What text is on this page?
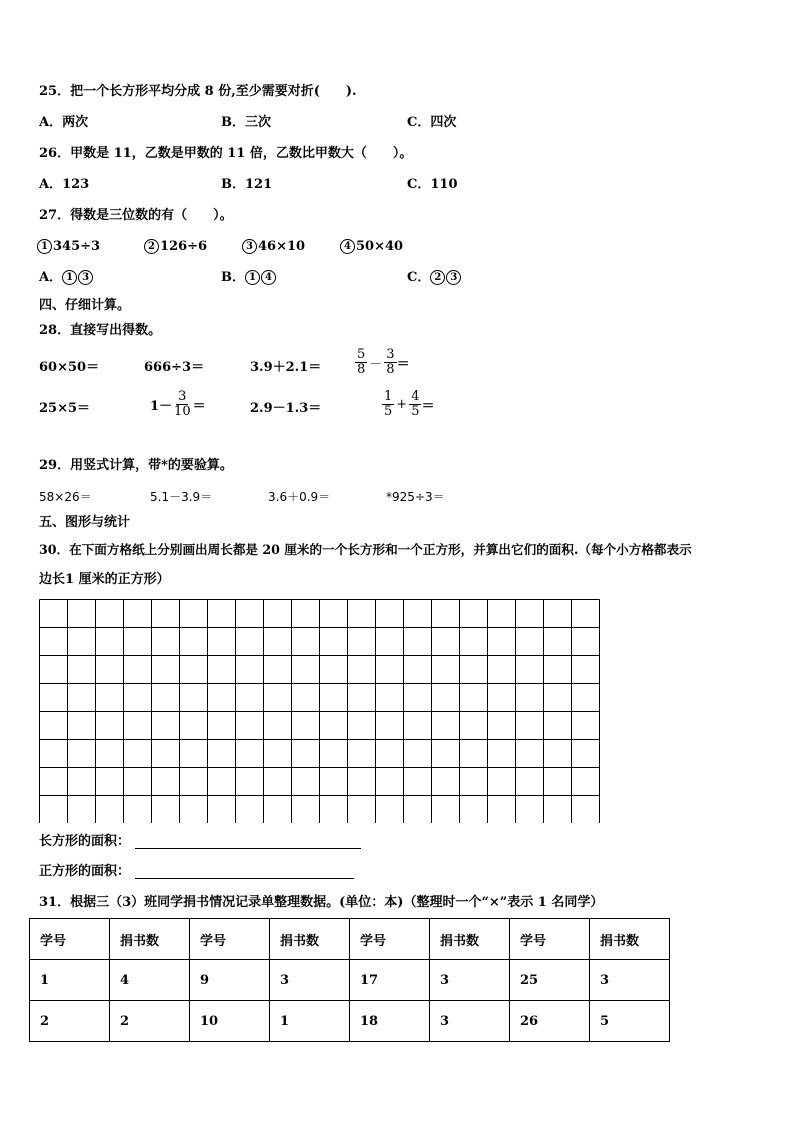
25．把一个长方形平均分成 8 份,至少需要对折(　　).
A．两次	B．三次	C．四次
26．甲数是 11，乙数是甲数的 11 倍，乙数比甲数大（　　）。
A．123	B．121	C．110
27．得数是三位数的有（　　）。
1 345÷3	2 126÷6	3 46×10	4 50×40
A． 1 3	B． 1 4	C． 2 3
四、仔细计算。
28．直接写出得数。
60×50＝	666÷3＝	3.9＋2.1＝	$\frac{5}{8} - \frac{3}{8}$ ＝
25×5＝	$1- \frac{3}{10}$ ＝	2.9－1.3＝	$\frac{1}{5} + \frac{4}{5}$ ＝
29．用竖式计算，带*的要验算。
58×26＝	5.1－3.9＝	3.6＋0.9＝	*925÷3＝
五、图形与统计
30．在下面方格纸上分别画出周长都是 20 厘米的一个长方形和一个正方形，并算出它们的面积.（每个小方格都表示
边长1 厘米的正方形）
长方形的面积：
正方形的面积：
31．根据三（3）班同学捐书情况记录单整理数据。(单位：本)（整理时一个“×”表示 1 名同学）
学号	捐书数	学号	捐书数	学号	捐书数	学号	捐书数
1	4	9	3	17	3	25	3
2	2	10	1	18	3	26	5
